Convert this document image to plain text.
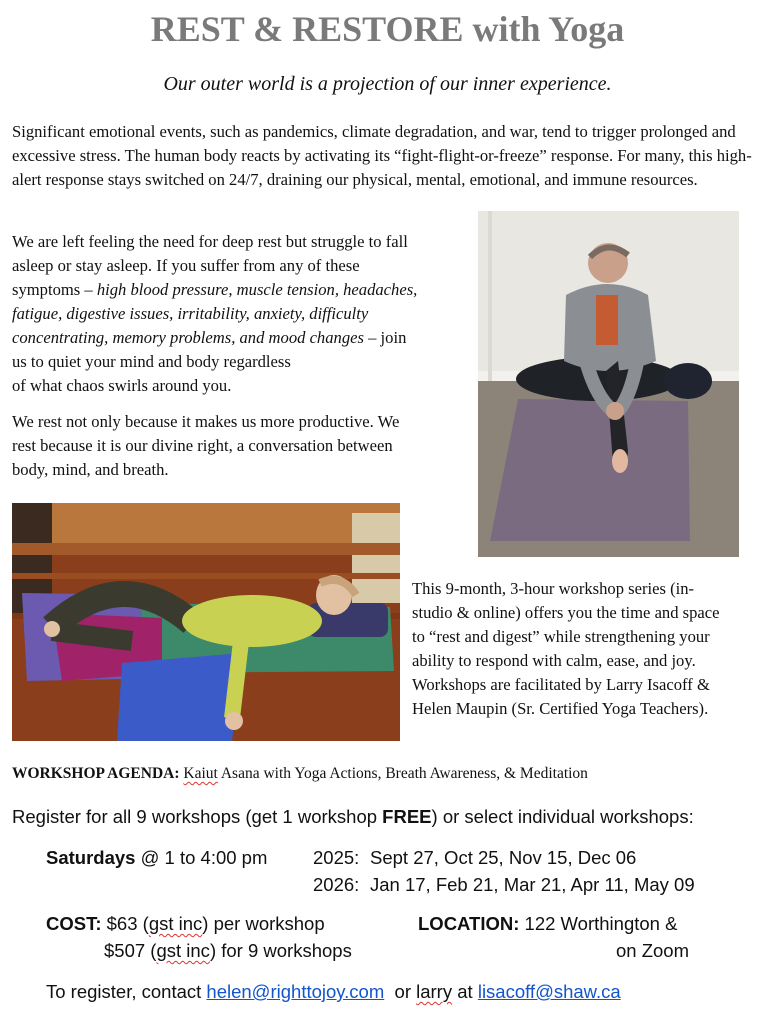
REST & RESTORE with Yoga
Our outer world is a projection of our inner experience.
Significant emotional events, such as pandemics, climate degradation, and war, tend to trigger prolonged and excessive stress. The human body reacts by activating its “fight-flight-or-freeze” response. For many, this high-alert response stays switched on 24/7, draining our physical, mental, emotional, and immune resources.
We are left feeling the need for deep rest but struggle to fall
asleep or stay asleep. If you suffer from any of these
symptoms – high blood pressure, muscle tension, headaches,
fatigue, digestive issues, irritability, anxiety, difficulty
concentrating, memory problems, and mood changes – join
us to quiet your mind and body regardless
of what chaos swirls around you.
We rest not only because it makes us more productive. We
rest because it is our divine right, a conversation between
body, mind, and breath.
This 9-month, 3-hour workshop series (in-
studio & online) offers you the time and space
to “rest and digest” while strengthening your
ability to respond with calm, ease, and joy.
Workshops are facilitated by Larry Isacoff &
Helen Maupin (Sr. Certified Yoga Teachers).
WORKSHOP AGENDA: Kaiut Asana with Yoga Actions, Breath Awareness, & Meditation
Register for all 9 workshops (get 1 workshop FREE) or select individual workshops:
Saturdays @ 1 to 4:00 pm 2025: Sept 27, Oct 25, Nov 15, Dec 06
2026: Jan 17, Feb 21, Mar 21, Apr 11, May 09
COST: $63 (gst inc) per workshop
$507 (gst inc) for 9 workshops
LOCATION: 122 Worthington &
on Zoom
To register, contact helen@righttojoy.com  or larry at lisacoff@shaw.ca
